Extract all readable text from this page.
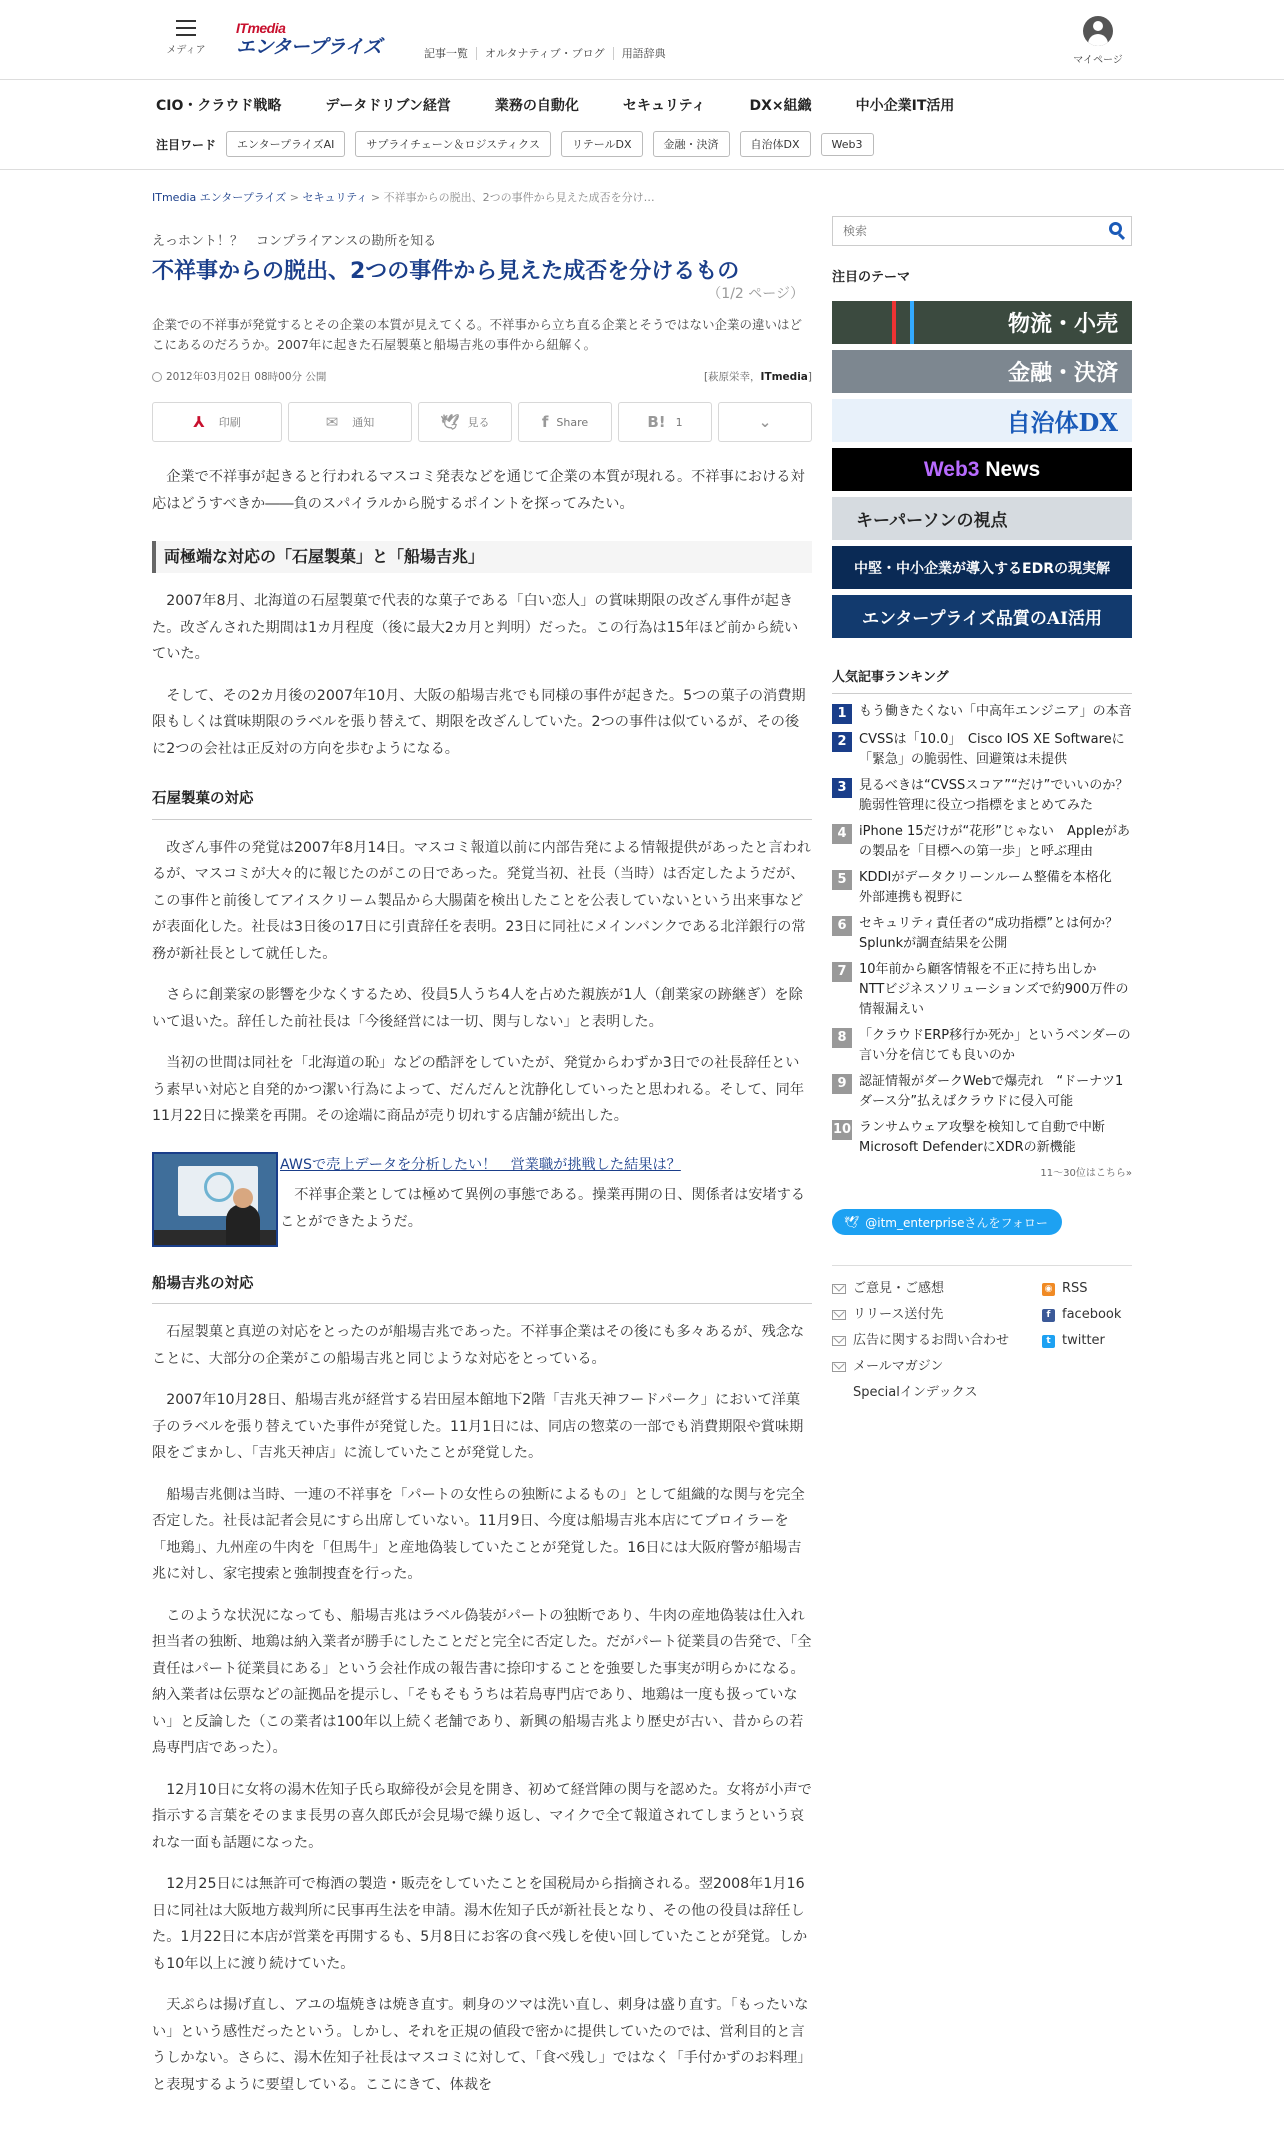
メディア
ITmedia
エンタープライズ	記事一覧 オルタナティブ・ブログ 用語辞典
マイページ
CIO・クラウド戦略	データドリブン経営	業務の自動化	セキュリティ	DX×組織	中小企業IT活用
注目ワード	エンタープライズAI	サプライチェーン＆ロジスティクス	リテールDX	金融・決済	自治体DX	Web3
ITmedia エンタープライズ > セキュリティ > 不祥事からの脱出、2つの事件から見えた成否を分け…
えっホント！？　コンプライアンスの勘所を知る
不祥事からの脱出、2つの事件から見えた成否を分けるもの
（1/2 ページ）
企業での不祥事が発覚するとその企業の本質が見えてくる。不祥事から立ち直る企業とそうではない企業の違いはどこにあるのだろうか。2007年に起きた石屋製菓と船場吉兆の事件から紐解く。
2012年03月02日 08時00分 公開	[萩原栄幸，ITmedia]
⅄ 印刷	✉ 通知	🕊 見る	f Share	B! 1	⌄

企業で不祥事が起きると行われるマスコミ発表などを通じて企業の本質が現れる。不祥事における対応はどうすべきか――負のスパイラルから脱するポイントを探ってみたい。

両極端な対応の「石屋製菓」と「船場吉兆」

2007年8月、北海道の石屋製菓で代表的な菓子である「白い恋人」の賞味期限の改ざん事件が起きた。改ざんされた期間は1カ月程度（後に最大2カ月と判明）だった。この行為は15年ほど前から続いていた。

そして、その2カ月後の2007年10月、大阪の船場吉兆でも同様の事件が起きた。5つの菓子の消費期限もしくは賞味期限のラベルを張り替えて、期限を改ざんしていた。2つの事件は似ているが、その後に2つの会社は正反対の方向を歩むようになる。

石屋製菓の対応

改ざん事件の発覚は2007年8月14日。マスコミ報道以前に内部告発による情報提供があったと言われるが、マスコミが大々的に報じたのがこの日であった。発覚当初、社長（当時）は否定したようだが、この事件と前後してアイスクリーム製品から大腸菌を検出したことを公表していないという出来事などが表面化した。社長は3日後の17日に引責辞任を表明。23日に同社にメインバンクである北洋銀行の常務が新社長として就任した。

さらに創業家の影響を少なくするため、役員5人うち4人を占めた親族が1人（創業家の跡継ぎ）を除いて退いた。辞任した前社長は「今後経営には一切、関与しない」と表明した。

当初の世間は同社を「北海道の恥」などの酷評をしていたが、発覚からわずか3日での社長辞任という素早い対応と自発的かつ潔い行為によって、だんだんと沈静化していったと思われる。そして、同年11月22日に操業を再開。その途端に商品が売り切れする店舗が続出した。

AWSで売上データを分析したい！　営業職が挑戦した結果は？

不祥事企業としては極めて異例の事態である。操業再開の日、関係者は安堵することができたようだ。

船場吉兆の対応

石屋製菓と真逆の対応をとったのが船場吉兆であった。不祥事企業はその後にも多々あるが、残念なことに、大部分の企業がこの船場吉兆と同じような対応をとっている。

2007年10月28日、船場吉兆が経営する岩田屋本館地下2階「吉兆天神フードパーク」において洋菓子のラベルを張り替えていた事件が発覚した。11月1日には、同店の惣菜の一部でも消費期限や賞味期限をごまかし、「吉兆天神店」に流していたことが発覚した。

船場吉兆側は当時、一連の不祥事を「パートの女性らの独断によるもの」として組織的な関与を完全否定した。社長は記者会見にすら出席していない。11月9日、今度は船場吉兆本店にてブロイラーを「地鶏」、九州産の牛肉を「但馬牛」と産地偽装していたことが発覚した。16日には大阪府警が船場吉兆に対し、家宅捜索と強制捜査を行った。

このような状況になっても、船場吉兆はラベル偽装がパートの独断であり、牛肉の産地偽装は仕入れ担当者の独断、地鶏は納入業者が勝手にしたことだと完全に否定した。だがパート従業員の告発で、「全責任はパート従業員にある」という会社作成の報告書に捺印することを強要した事実が明らかになる。納入業者は伝票などの証拠品を提示し、「そもそもうちは若鳥専門店であり、地鶏は一度も扱っていない」と反論した（この業者は100年以上続く老舗であり、新興の船場吉兆より歴史が古い、昔からの若鳥専門店であった）。

12月10日に女将の湯木佐知子氏ら取締役が会見を開き、初めて経営陣の関与を認めた。女将が小声で指示する言葉をそのまま長男の喜久郎氏が会見場で繰り返し、マイクで全て報道されてしまうという哀れな一面も話題になった。

12月25日には無許可で梅酒の製造・販売をしていたことを国税局から指摘される。翌2008年1月16日に同社は大阪地方裁判所に民事再生法を申請。湯木佐知子氏が新社長となり、その他の役員は辞任した。1月22日に本店が営業を再開するも、5月8日にお客の食べ残しを使い回していたことが発覚。しかも10年以上に渡り続けていた。

天ぷらは揚げ直し、アユの塩焼きは焼き直す。刺身のツマは洗い直し、刺身は盛り直す。「もったいない」という感性だったという。しかし、それを正規の値段で密かに提供していたのでは、営利目的と言うしかない。さらに、湯木佐知子社長はマスコミに対して、「食べ残し」ではなく「手付かずのお料理」と表現するように要望している。ここにきて、体裁を

検索
注目のテーマ
物流・小売
金融・決済
自治体DX
Web3 News
キーパーソンの視点
中堅・中小企業が導入するEDRの現実解
エンタープライズ品質のAI活用
人気記事ランキング
1 もう働きたくない「中高年エンジニア」の本音
2 CVSSは「10.0」　Cisco IOS XE Softwareに「緊急」の脆弱性、回避策は未提供
3 見るべきは“CVSSスコア”“だけ”でいいのか？　脆弱性管理に役立つ指標をまとめてみた
4 iPhone 15だけが“花形”じゃない　Appleがあの製品を「目標への第一歩」と呼ぶ理由
5 KDDIがデータクリーンルーム整備を本格化　外部連携も視野に
6 セキュリティ責任者の“成功指標”とは何か？　Splunkが調査結果を公開
7 10年前から顧客情報を不正に持ち出しか　NTTビジネスソリューションズで約900万件の情報漏えい
8 「クラウドERP移行か死か」というベンダーの言い分を信じても良いのか
9 認証情報がダークWebで爆売れ　“ドーナツ1ダース分”払えばクラウドに侵入可能
10 ランサムウェア攻撃を検知して自動で中断　Microsoft DefenderにXDRの新機能
11～30位はこちら»
🕊 @itm_enterpriseさんをフォロー
ご意見・ご感想
リリース送付先
広告に関するお問い合わせ
メールマガジン
Specialインデックス
◉ RSS
f facebook
t twitter
